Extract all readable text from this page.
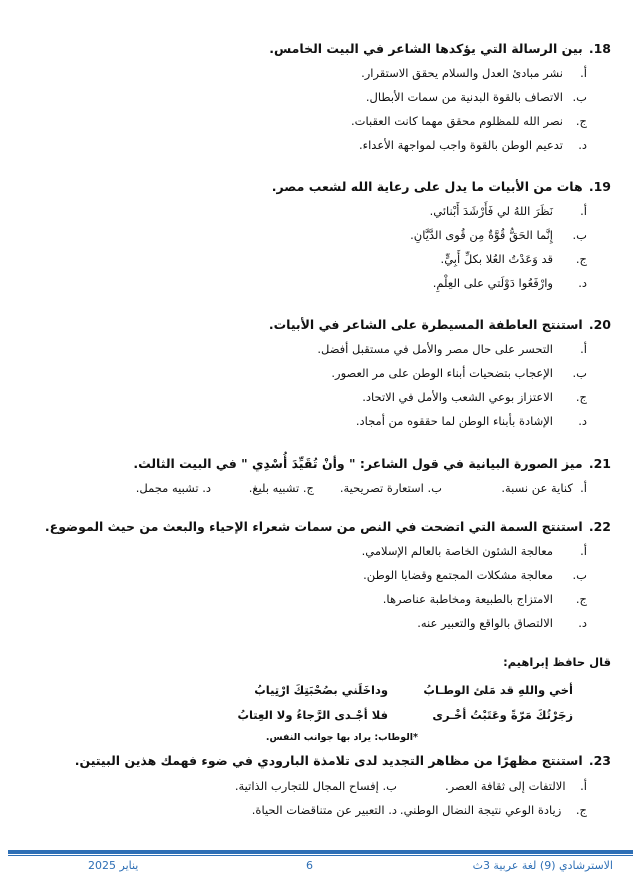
18. بين الرسالة التي يؤكدها الشاعر في البيت الخامس.
أ.نشر مبادئ العدل والسلام يحقق الاستقرار.
ب.الاتصاف بالقوة البدنية من سمات الأبطال.
ج.نصر الله للمظلوم محقق مهما كانت العقبات.
د.تدعيم الوطن بالقوة واجب لمواجهة الأعداء.
19. هات من الأبيات ما يدل على رعاية الله لشعب مصر.
أ.نَظَرَ اللهُ لي فَأَرْشَدَ أَبْنائي.
ب.إِنَّما الحَقُّ قُوَّةٌ مِن قُوى الدَّيَّانِ.
ج.قد وَعَدْتُ العُلا بكلِّ أَبِيٍّ.
د.وارْفَعُوا دَوْلَتي على العِلْمِ.
20. استنتج العاطفة المسيطرة على الشاعر في الأبيات.
أ.التحسر على حال مصر والأمل في مستقبل أفضل.
ب.الإعجاب بتضحيات أبناء الوطن على مر العصور.
ج.الاعتزاز بوعي الشعب والأمل في الاتحاد.
د.الإشادة بأبناء الوطن لما حققوه من أمجاد.
21. ميز الصورة البيانية في قول الشاعر: " وأنْ تُقَيِّدَ أُسْدِي " في البيت الثالث.
أ.  كناية عن نسبة.
ب. استعارة تصريحية.
ج. تشبيه بليغ.
د. تشبيه مجمل.
22. استنتج السمة التي اتضحت في النص من سمات شعراء الإحياء والبعث من حيث الموضوع.
أ.معالجة الشئون الخاصة بالعالم الإسلامي.
ب.معالجة مشكلات المجتمع وقضايا الوطن.
ج.الامتزاج بالطبيعة ومخاطبة عناصرها.
د.الالتصاق بالواقع والتعبير عنه.
قال حافظ إبراهيم:
أخي واللهِ قد مَلئ الوطـابُوداخَلَني بصُحْبَتِكَ ارْتِيابُ
زجَرْتُكَ مَرّةً وعَتَبْتُ أخْـرىفلا أجْـدى الرَّجاءُ ولا العِتابُ
*الوطاب: يراد بها جوانب النفس.
23. استنتج مظهرًا من مظاهر التجديد لدى تلامذة البارودي في ضوء فهمك هذين البيتين.
أ.    الالتفات إلى ثقافة العصر.
ب. إفساح المجال للتجارب الذاتية.
ج.    زيادة الوعي نتيجة النضال الوطني.
د. التعبير عن متناقضات الحياة.
الاسترشادي (9) لغة عربية 3ث
6
يناير 2025
